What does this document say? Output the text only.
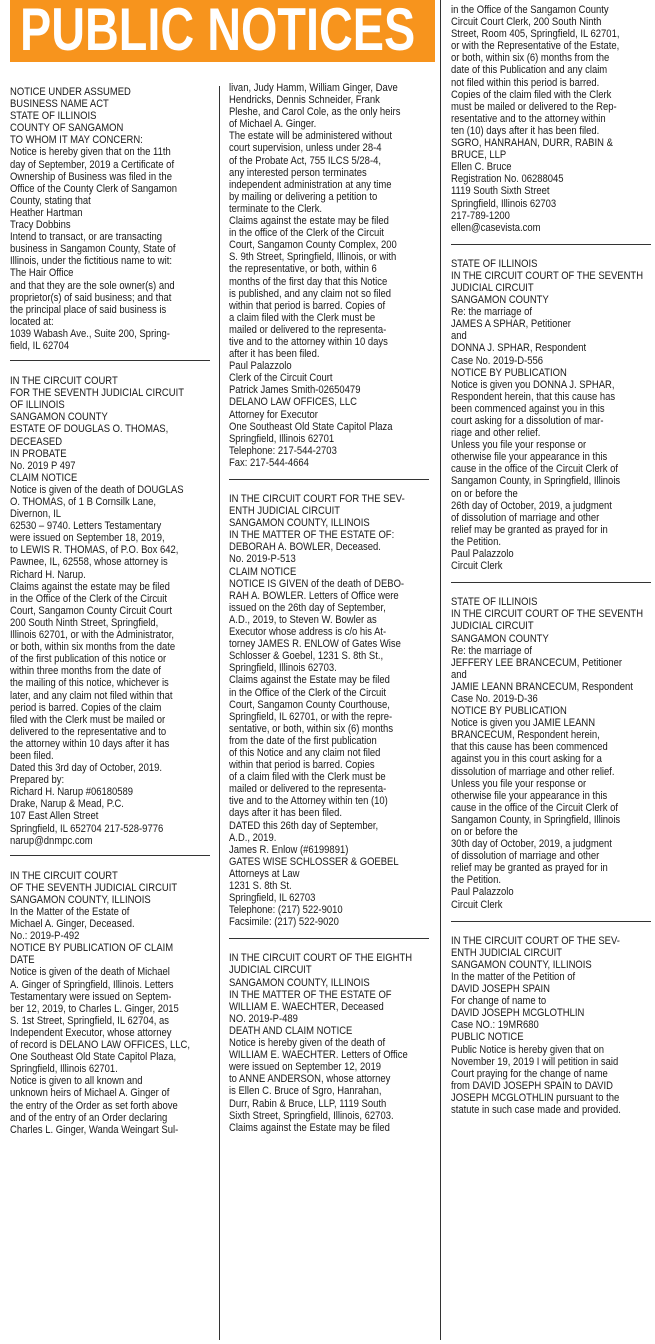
PUBLIC NOTICES
NOTICE UNDER ASSUMED
BUSINESS NAME ACT
STATE OF ILLINOIS
COUNTY OF SANGAMON
TO WHOM IT MAY CONCERN:
Notice is hereby given that on the 11th
day of September, 2019 a Certificate of
Ownership of Business was filed in the
Office of the County Clerk of Sangamon
County, stating that
Heather Hartman
Tracy Dobbins
Intend to transact, or are transacting
business in Sangamon County, State of
Illinois, under the fictitious name to wit:
The Hair Office
and that they are the sole owner(s) and
proprietor(s) of said business; and that
the principal place of said business is
located at:
1039 Wabash Ave., Suite 200, Spring-
field, IL 62704
IN THE CIRCUIT COURT
FOR THE SEVENTH JUDICIAL CIRCUIT
OF ILLINOIS
SANGAMON COUNTY
ESTATE OF DOUGLAS O. THOMAS,
DECEASED
IN PROBATE
No. 2019 P 497
CLAIM NOTICE
Notice is given of the death of DOUGLAS
O. THOMAS, of 1 B Cornsilk Lane,
Divernon, IL
62530 – 9740. Letters Testamentary
were issued on September 18, 2019,
to LEWIS R. THOMAS, of P.O. Box 642,
Pawnee, IL, 62558, whose attorney is
Richard H. Narup.
Claims against the estate may be filed
in the Office of the Clerk of the Circuit
Court, Sangamon County Circuit Court
200 South Ninth Street, Springfield,
Illinois 62701, or with the Administrator,
or both, within six months from the date
of the first publication of this notice or
within three months from the date of
the mailing of this notice, whichever is
later, and any claim not filed within that
period is barred. Copies of the claim
filed with the Clerk must be mailed or
delivered to the representative and to
the attorney within 10 days after it has
been filed.
Dated this 3rd day of October, 2019.
Prepared by:
Richard H. Narup #06180589
Drake, Narup & Mead, P.C.
107 East Allen Street
Springfield, IL 652704 217-528-9776
narup@dnmpc.com
IN THE CIRCUIT COURT
OF THE SEVENTH JUDICIAL CIRCUIT
SANGAMON COUNTY, ILLINOIS
In the Matter of the Estate of
Michael A. Ginger, Deceased.
No.: 2019-P-492
NOTICE BY PUBLICATION OF CLAIM
DATE
Notice is given of the death of Michael
A. Ginger of Springfield, Illinois. Letters
Testamentary were issued on Septem-
ber 12, 2019, to Charles L. Ginger, 2015
S. 1st Street, Springfield, IL 62704, as
Independent Executor, whose attorney
of record is DELANO LAW OFFICES, LLC,
One Southeast Old State Capitol Plaza,
Springfield, Illinois 62701.
Notice is given to all known and
unknown heirs of Michael A. Ginger of
the entry of the Order as set forth above
and of the entry of an Order declaring
Charles L. Ginger, Wanda Weingart Sul-
livan, Judy Hamm, William Ginger, Dave
Hendricks, Dennis Schneider, Frank
Pleshe, and Carol Cole, as the only heirs
of Michael A. Ginger.
The estate will be administered without
court supervision, unless under 28-4
of the Probate Act, 755 ILCS 5/28-4,
any interested person terminates
independent administration at any time
by mailing or delivering a petition to
terminate to the Clerk.
Claims against the estate may be filed
in the office of the Clerk of the Circuit
Court, Sangamon County Complex, 200
S. 9th Street, Springfield, Illinois, or with
the representative, or both, within 6
months of the first day that this Notice
is published, and any claim not so filed
within that period is barred. Copies of
a claim filed with the Clerk must be
mailed or delivered to the representa-
tive and to the attorney within 10 days
after it has been filed.
Paul Palazzolo
Clerk of the Circuit Court
Patrick James Smith-02650479
DELANO LAW OFFICES, LLC
Attorney for Executor
One Southeast Old State Capitol Plaza
Springfield, Illinois 62701
Telephone: 217-544-2703
Fax: 217-544-4664
IN THE CIRCUIT COURT FOR THE SEV-
ENTH JUDICIAL CIRCUIT
SANGAMON COUNTY, ILLINOIS
IN THE MATTER OF THE ESTATE OF:
DEBORAH A. BOWLER, Deceased.
No. 2019-P-513
CLAIM NOTICE
NOTICE IS GIVEN of the death of DEBO-
RAH A. BOWLER. Letters of Office were
issued on the 26th day of September,
A.D., 2019, to Steven W. Bowler as
Executor whose address is c/o his At-
torney JAMES R. ENLOW of Gates Wise
Schlosser & Goebel, 1231 S. 8th St.,
Springfield, Illinois 62703.
Claims against the Estate may be filed
in the Office of the Clerk of the Circuit
Court, Sangamon County Courthouse,
Springfield, IL 62701, or with the repre-
sentative, or both, within six (6) months
from the date of the first publication
of this Notice and any claim not filed
within that period is barred. Copies
of a claim filed with the Clerk must be
mailed or delivered to the representa-
tive and to the Attorney within ten (10)
days after it has been filed.
DATED this 26th day of September,
A.D., 2019.
James R. Enlow (#6199891)
GATES WISE SCHLOSSER & GOEBEL
Attorneys at Law
1231 S. 8th St.
Springfield, IL 62703
Telephone: (217) 522-9010
Facsimile: (217) 522-9020
IN THE CIRCUIT COURT OF THE EIGHTH
JUDICIAL CIRCUIT
SANGAMON COUNTY, ILLINOIS
IN THE MATTER OF THE ESTATE OF
WILLIAM E. WAECHTER, Deceased
NO. 2019-P-489
DEATH AND CLAIM NOTICE
Notice is hereby given of the death of
WILLIAM E. WAECHTER. Letters of Office
were issued on September 12, 2019
to ANNE ANDERSON, whose attorney
is Ellen C. Bruce of Sgro, Hanrahan,
Durr, Rabin & Bruce, LLP, 1119 South
Sixth Street, Springfield, Illinois, 62703.
Claims against the Estate may be filed
in the Office of the Sangamon County
Circuit Court Clerk, 200 South Ninth
Street, Room 405, Springfield, IL 62701,
or with the Representative of the Estate,
or both, within six (6) months from the
date of this Publication and any claim
not filed within this period is barred.
Copies of the claim filed with the Clerk
must be mailed or delivered to the Rep-
resentative and to the attorney within
ten (10) days after it has been filed.
SGRO, HANRAHAN, DURR, RABIN &
BRUCE, LLP
Ellen C. Bruce
Registration No. 06288045
1119 South Sixth Street
Springfield, Illinois 62703
217-789-1200
ellen@casevista.com
STATE OF ILLINOIS
IN THE CIRCUIT COURT OF THE SEVENTH
JUDICIAL CIRCUIT
SANGAMON COUNTY
Re: the marriage of
JAMES A SPHAR, Petitioner
and
DONNA J. SPHAR, Respondent
Case No. 2019-D-556
NOTICE BY PUBLICATION
Notice is given you DONNA J. SPHAR,
Respondent herein, that this cause has
been commenced against you in this
court asking for a dissolution of mar-
riage and other relief.
Unless you file your response or
otherwise file your appearance in this
cause in the office of the Circuit Clerk of
Sangamon County, in Springfield, Illinois
on or before the
26th day of October, 2019, a judgment
of dissolution of marriage and other
relief may be granted as prayed for in
the Petition.
Paul Palazzolo
Circuit Clerk
STATE OF ILLINOIS
IN THE CIRCUIT COURT OF THE SEVENTH
JUDICIAL CIRCUIT
SANGAMON COUNTY
Re: the marriage of
JEFFERY LEE BRANCECUM, Petitioner
and
JAMIE LEANN BRANCECUM, Respondent
Case No. 2019-D-36
NOTICE BY PUBLICATION
Notice is given you JAMIE LEANN
BRANCECUM, Respondent herein,
that this cause has been commenced
against you in this court asking for a
dissolution of marriage and other relief.
Unless you file your response or
otherwise file your appearance in this
cause in the office of the Circuit Clerk of
Sangamon County, in Springfield, Illinois
on or before the
30th day of October, 2019, a judgment
of dissolution of marriage and other
relief may be granted as prayed for in
the Petition.
Paul Palazzolo
Circuit Clerk
IN THE CIRCUIT COURT OF THE SEV-
ENTH JUDICIAL CIRCUIT
SANGAMON COUNTY, ILLINOIS
In the matter of the Petition of
DAVID JOSEPH SPAIN
For change of name to
DAVID JOSEPH MCGLOTHLIN
Case NO.: 19MR680
PUBLIC NOTICE
Public Notice is hereby given that on
November 19, 2019 I will petition in said
Court praying for the change of name
from DAVID JOSEPH SPAIN to DAVID
JOSEPH MCGLOTHLIN pursuant to the
statute in such case made and provided.
